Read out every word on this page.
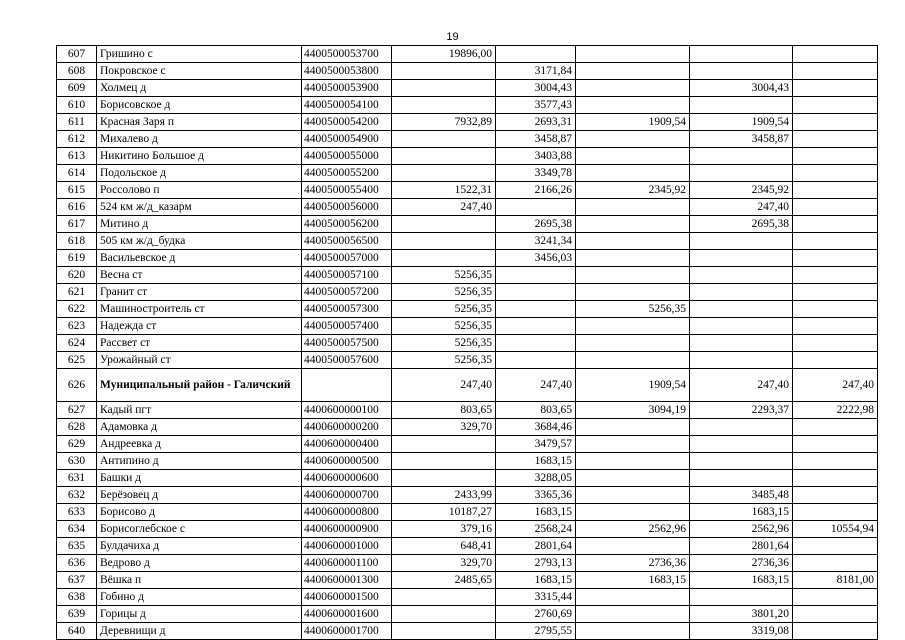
19
607	Гришино с	4400500053700	19896,00				
608	Покровское с	4400500053800		3171,84			
609	Холмец д	4400500053900		3004,43		3004,43	
610	Борисовское д	4400500054100		3577,43			
611	Красная Заря п	4400500054200	7932,89	2693,31	1909,54	1909,54	
612	Михалево д	4400500054900		3458,87		3458,87	
613	Никитино Большое д	4400500055000		3403,88			
614	Подольское д	4400500055200		3349,78			
615	Россолово п	4400500055400	1522,31	2166,26	2345,92	2345,92	
616	524 км ж/д_казарм	4400500056000	247,40			247,40	
617	Митино д	4400500056200		2695,38		2695,38	
618	505 км ж/д_будка	4400500056500		3241,34			
619	Васильевское д	4400500057000		3456,03			
620	Весна ст	4400500057100	5256,35				
621	Гранит ст	4400500057200	5256,35				
622	Машиностроитель ст	4400500057300	5256,35		5256,35		
623	Надежда ст	4400500057400	5256,35				
624	Рассвет ст	4400500057500	5256,35				
625	Урожайный ст	4400500057600	5256,35				
626	Муниципальный район - Галичский		247,40	247,40	1909,54	247,40	247,40
627	Кадый пгт	4400600000100	803,65	803,65	3094,19	2293,37	2222,98
628	Адамовка д	4400600000200	329,70	3684,46			
629	Андреевка д	4400600000400		3479,57			
630	Антипино д	4400600000500		1683,15			
631	Башки д	4400600000600		3288,05			
632	Берёзовец д	4400600000700	2433,99	3365,36		3485,48	
633	Борисово д	4400600000800	10187,27	1683,15		1683,15	
634	Борисоглебское с	4400600000900	379,16	2568,24	2562,96	2562,96	10554,94
635	Булдачиха д	4400600001000	648,41	2801,64		2801,64	
636	Ведрово д	4400600001100	329,70	2793,13	2736,36	2736,36	
637	Вёшка п	4400600001300	2485,65	1683,15	1683,15	1683,15	8181,00
638	Гобино д	4400600001500		3315,44			
639	Горицы д	4400600001600		2760,69		3801,20	
640	Деревнищи д	4400600001700		2795,55		3319,08	
